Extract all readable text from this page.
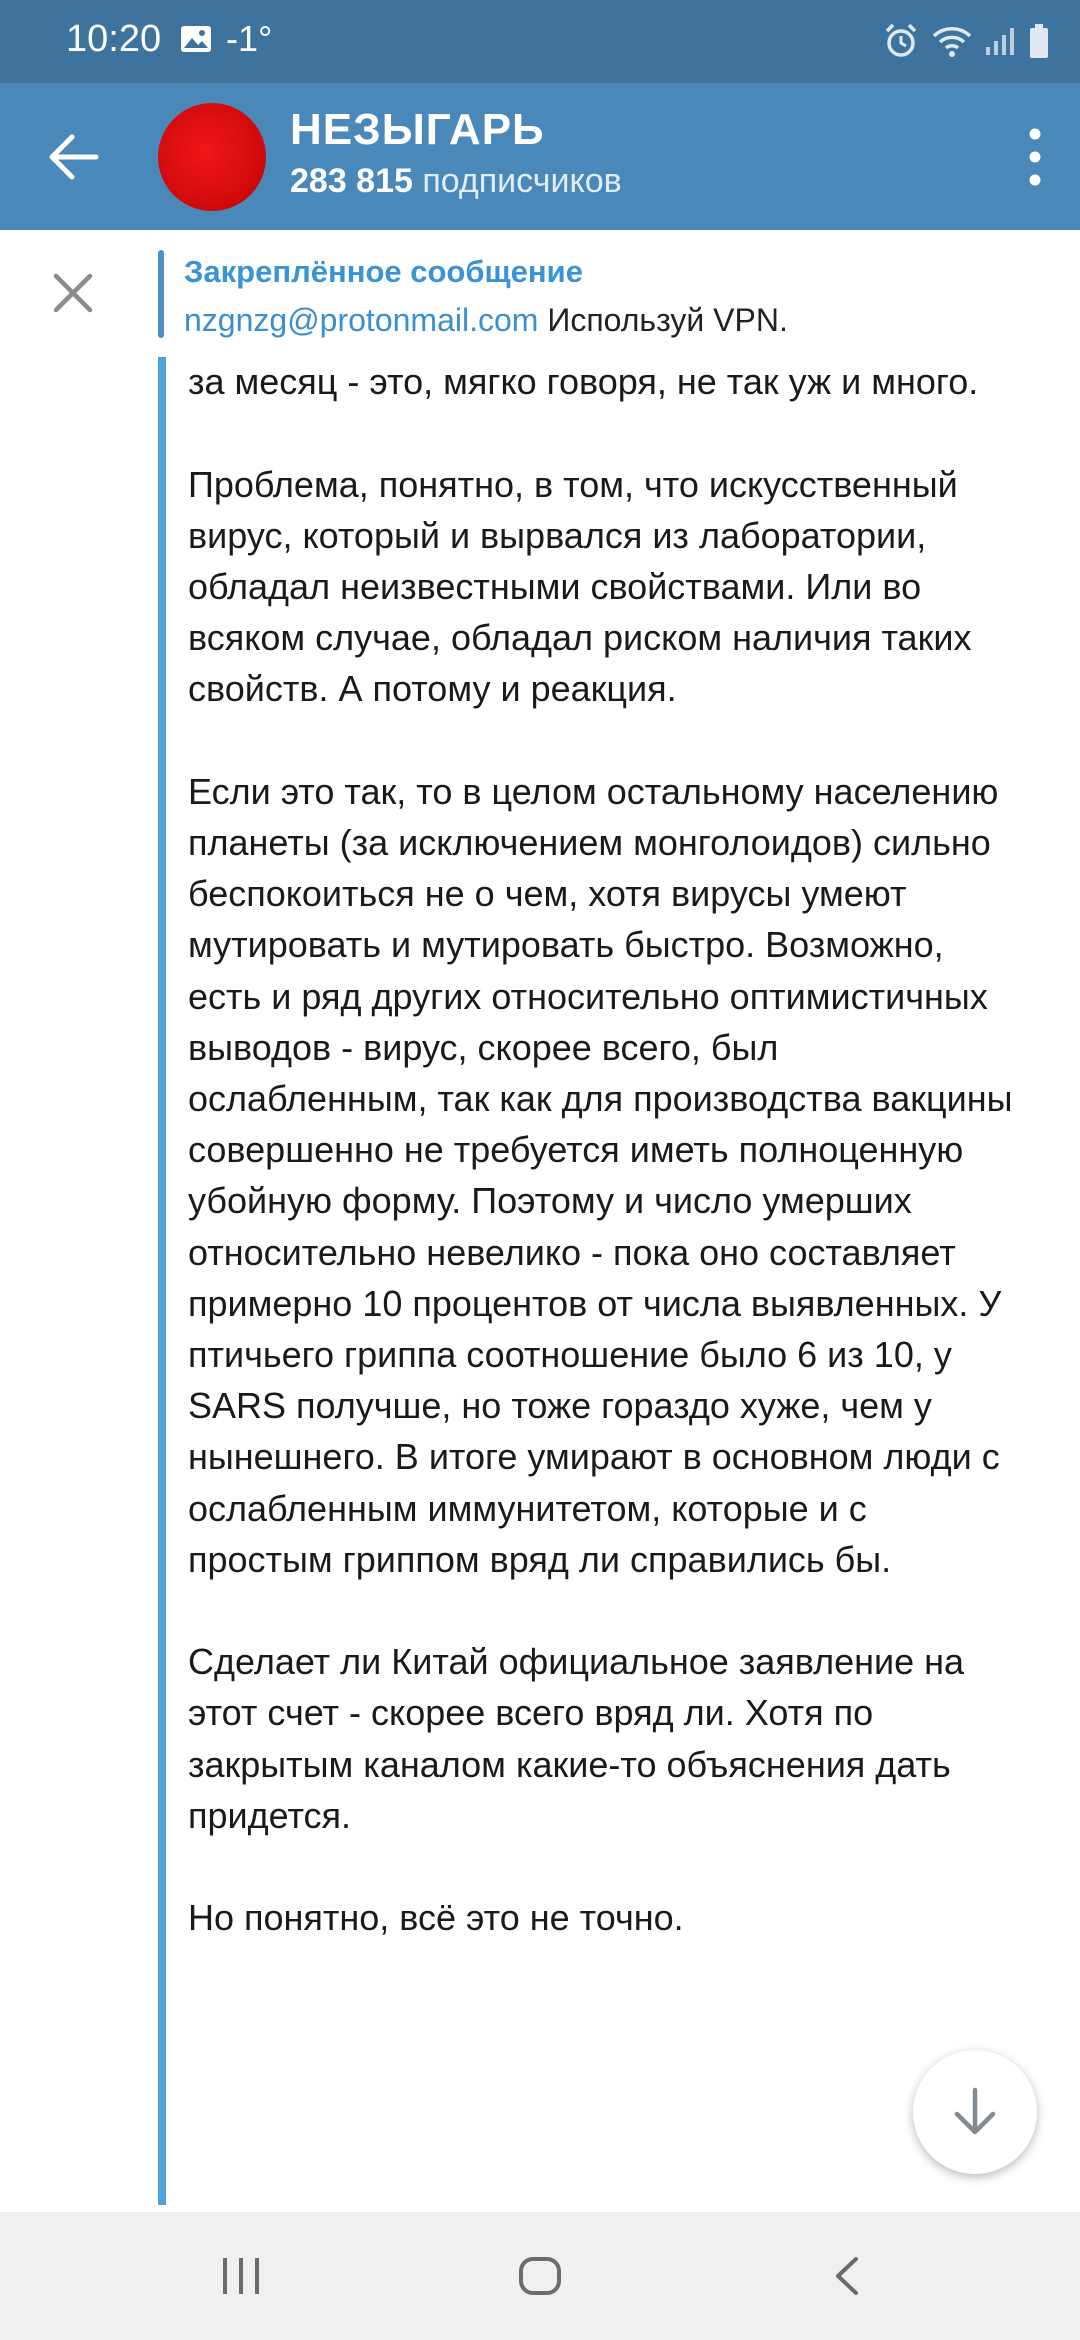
10:20 -1°
НЕЗЫГАРЬ
283 815 подписчиков
Закреплённое сообщение
nzgnzg@protonmail.com Используй VPN.

за месяц - это, мягко говоря, не так уж и много.

Проблема, понятно, в том, что искусственный вирус, который и вырвался из лаборатории, обладал неизвестными свойствами. Или во всяком случае, обладал риском наличия таких свойств. А потому и реакция.

Если это так, то в целом остальному населению планеты (за исключением монголоидов) сильно беспокоиться не о чем, хотя вирусы умеют мутировать и мутировать быстро. Возможно, есть и ряд других относительно оптимистичных выводов - вирус, скорее всего, был ослабленным, так как для производства вакцины совершенно не требуется иметь полноценную убойную форму. Поэтому и число умерших относительно невелико - пока оно составляет примерно 10 процентов от числа выявленных. У птичьего гриппа соотношение было 6 из 10, у SARS получше, но тоже гораздо хуже, чем у нынешнего. В итоге умирают в основном люди с ослабленным иммунитетом, которые и с простым гриппом вряд ли справились бы.

Сделает ли Китай официальное заявление на этот счет - скорее всего вряд ли. Хотя по закрытым каналом какие-то объяснения дать придется.

Но понятно, всё это не точно.
